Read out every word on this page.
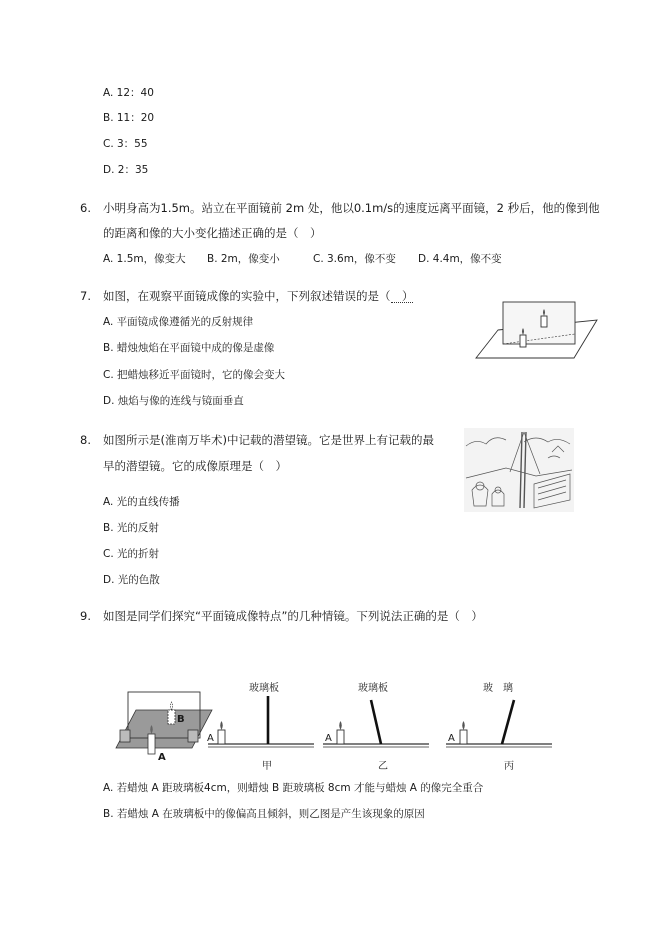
A. 12：40
B. 11：20
C. 3：55
D. 2：35
6. 小明身高为1.5m。站立在平面镜前 2m 处，他以0.1m/s的速度远离平面镜，2 秒后，他的像到他
的距离和像的大小变化描述正确的是（　）
A. 1.5m，像变大 B. 2m，像变小	C. 3.6m，像不变 D. 4.4m，像不变
7. 如图，在观察平面镜成像的实验中，下列叙述错误的是（　）
A. 平面镜成像遵循光的反射规律
B. 蜡烛烛焰在平面镜中成的像是虚像
C. 把蜡烛移近平面镜时，它的像会变大
D. 烛焰与像的连线与镜面垂直
8. 如图所示是(淮南万毕术)中记载的潜望镜。它是世界上有记载的最
早的潜望镜。它的成像原理是（　）
A. 光的直线传播
B. 光的反射
C. 光的折射
D. 光的色散
9. 如图是同学们探究“平面镜成像特点”的几种情镜。下列说法正确的是（　）
B
A
A
玻璃板
甲
A
玻璃板
乙
A
玻　璃
丙
A. 若蜡烛 A 距玻璃板4cm，则蜡烛 B 距玻璃板 8cm 才能与蜡烛 A 的像完全重合
B. 若蜡烛 A 在玻璃板中的像偏高且倾斜，则乙图是产生该现象的原因
